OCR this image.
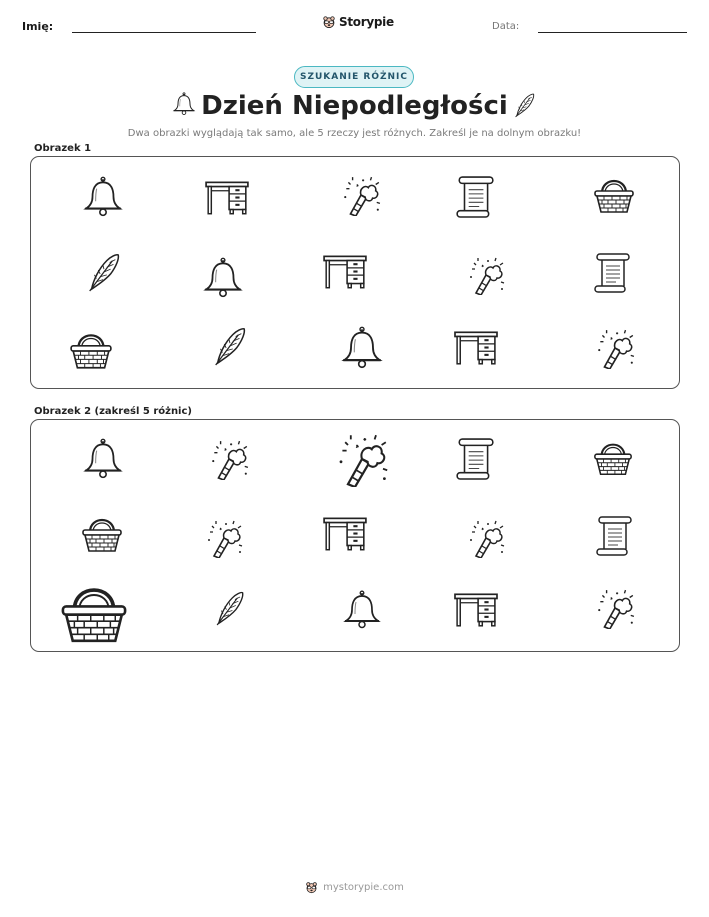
Imię:	Storypie	Data:
SZUKANIE RÓŻNIC
Dzień Niepodległości
Dwa obrazki wyglądają tak samo, ale 5 rzeczy jest różnych. Zakreśl je na dolnym obrazku!
Obrazek 1
Obrazek 2 (zakreśl 5 różnic)
mystorypie.com
